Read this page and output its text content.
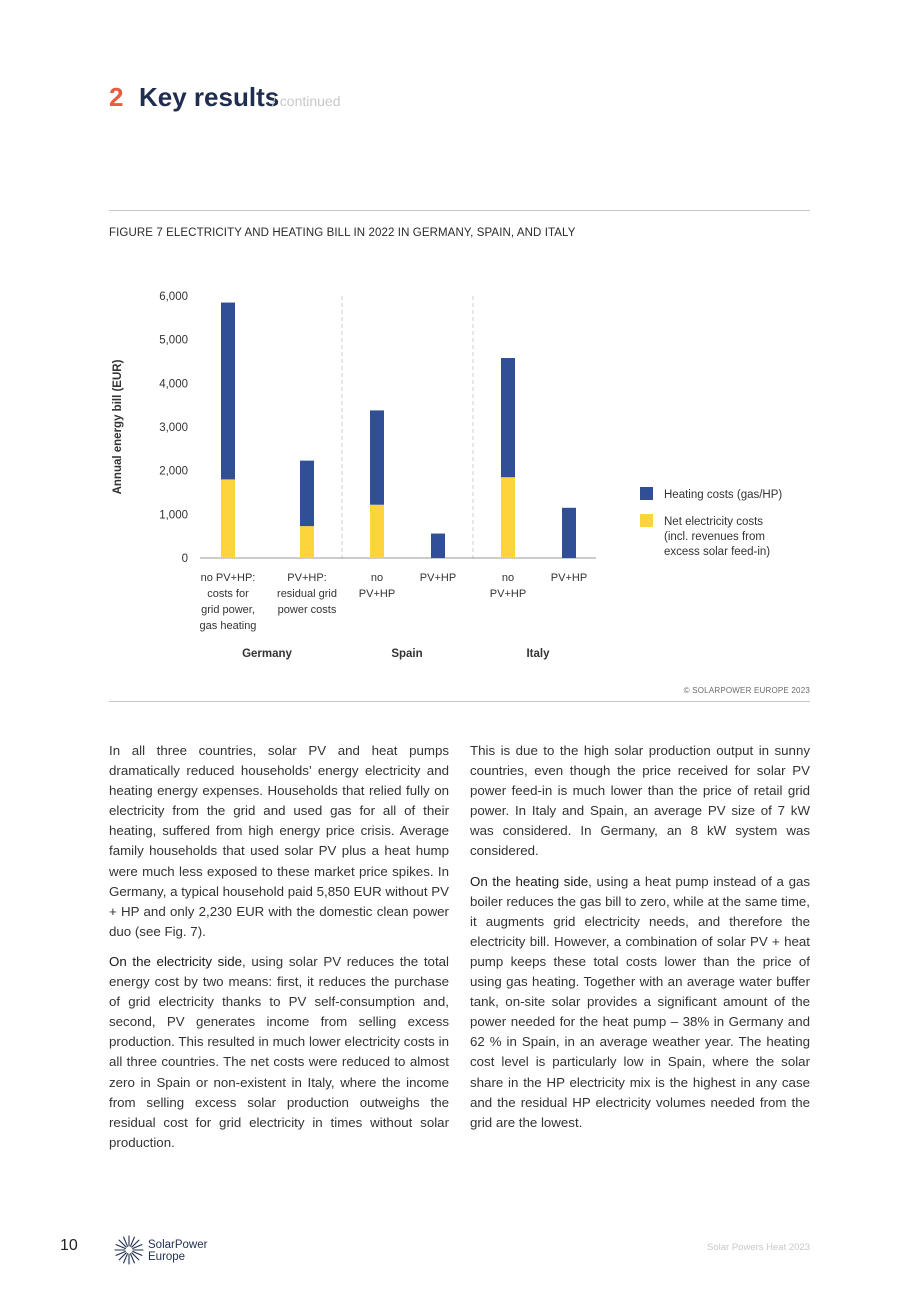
2 Key results
/ continued
FIGURE 7 ELECTRICITY AND HEATING BILL IN 2022 IN GERMANY, SPAIN, AND ITALY
0
1,000
2,000
3,000
4,000
5,000
6,000
Annual energy bill (EUR)
no PV+HP:
costs for
grid power,
gas heating
PV+HP:
residual grid
power costs
no
PV+HP
PV+HP	no
PV+HP
PV+HP
Germany	Spain	Italy
Heating costs (gas/HP)
Net electricity costs
(incl. revenues from
excess solar feed-in)
© SOLARPOWER EUROPE 2023

In all three countries, solar PV and heat pumps dramatically reduced households’ energy electricity and heating energy expenses. Households that relied fully on electricity from the grid and used gas for all of their heating, suffered from high energy price crisis. Average family households that used solar PV plus a heat hump were much less exposed to these market price spikes. In Germany, a typical household paid 5,850 EUR without PV + HP and only 2,230 EUR with the domestic clean power duo (see Fig. 7).

On the electricity side, using solar PV reduces the total energy cost by two means: first, it reduces the purchase of grid electricity thanks to PV self-consumption and, second, PV generates income from selling excess production. This resulted in much lower electricity costs in all three countries. The net costs were reduced to almost zero in Spain or non-existent in Italy, where the income from selling excess solar production outweighs the residual cost for grid electricity in times without solar production.

This is due to the high solar production output in sunny countries, even though the price received for solar PV power feed-in is much lower than the price of retail grid power. In Italy and Spain, an average PV size of 7 kW was considered. In Germany, an 8 kW system was considered.

On the heating side, using a heat pump instead of a gas boiler reduces the gas bill to zero, while at the same time, it augments grid electricity needs, and therefore the electricity bill. However, a combination of solar PV + heat pump keeps these total costs lower than the price of using gas heating. Together with an average water buffer tank, on-site solar provides a significant amount of the power needed for the heat pump – 38% in Germany and 62 % in Spain, in an average weather year. The heating cost level is particularly low in Spain, where the solar share in the HP electricity mix is the highest in any case and the residual HP electricity volumes needed from the grid are the lowest.

10	SolarPower
Europe
Solar Powers Heat 2023
